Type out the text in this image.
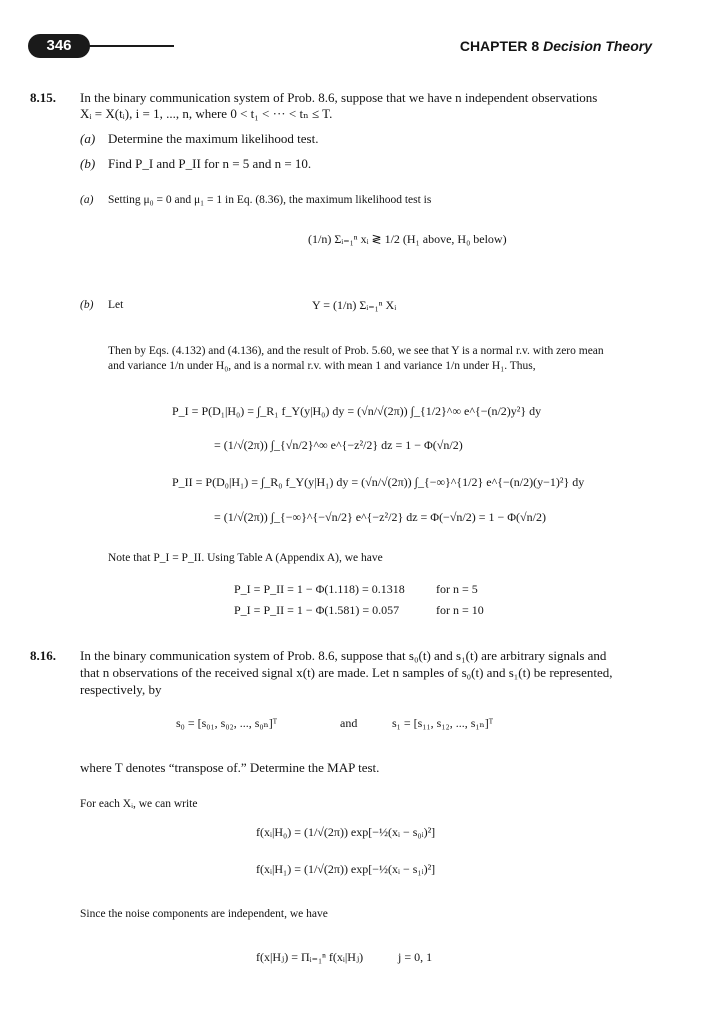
346	CHAPTER 8 Decision Theory
8.15. In the binary communication system of Prob. 8.6, suppose that we have n independent observations
Xᵢ = X(tᵢ), i = 1, ..., n, where 0 < t₁ < ··· < tₙ ≤ T.
(a) Determine the maximum likelihood test.
(b) Find P_I and P_II for n = 5 and n = 10.
(a) Setting μ₀ = 0 and μ₁ = 1 in Eq. (8.36), the maximum likelihood test is
(1/n) Σᵢ₌₁ⁿ xᵢ ≷ 1/2 (H₁ above, H₀ below)
(b) Let	Y = (1/n) Σᵢ₌₁ⁿ Xᵢ
Then by Eqs. (4.132) and (4.136), and the result of Prob. 5.60, we see that Y is a normal r.v. with zero mean
and variance 1/n under H₀, and is a normal r.v. with mean 1 and variance 1/n under H₁. Thus,
P_I = P(D₁|H₀) = ∫_R₁ f_Y(y|H₀) dy = (√n/√(2π)) ∫_{1/2}^∞ e^{−(n/2)y²} dy
= (1/√(2π)) ∫_{√n/2}^∞ e^{−z²/2} dz = 1 − Φ(√n/2)
P_II = P(D₀|H₁) = ∫_R₀ f_Y(y|H₁) dy = (√n/√(2π)) ∫_{−∞}^{1/2} e^{−(n/2)(y−1)²} dy
= (1/√(2π)) ∫_{−∞}^{−√n/2} e^{−z²/2} dz = Φ(−√n/2) = 1 − Φ(√n/2)
Note that P_I = P_II. Using Table A (Appendix A), we have
P_I = P_II = 1 − Φ(1.118) = 0.1318	for n = 5
P_I = P_II = 1 − Φ(1.581) = 0.057	for n = 10
8.16. In the binary communication system of Prob. 8.6, suppose that s₀(t) and s₁(t) are arbitrary signals and
that n observations of the received signal x(t) are made. Let n samples of s₀(t) and s₁(t) be represented,
respectively, by
s₀ = [s₀₁, s₀₂, ..., s₀ₙ]ᵀ	and	s₁ = [s₁₁, s₁₂, ..., s₁ₙ]ᵀ
where T denotes “transpose of.” Determine the MAP test.
For each Xᵢ, we can write
f(xᵢ|H₀) = (1/√(2π)) exp[−½(xᵢ − s₀ᵢ)²]
f(xᵢ|H₁) = (1/√(2π)) exp[−½(xᵢ − s₁ᵢ)²]
Since the noise components are independent, we have
f(x|Hⱼ) = Πᵢ₌₁ⁿ f(xᵢ|Hⱼ)	j = 0, 1
